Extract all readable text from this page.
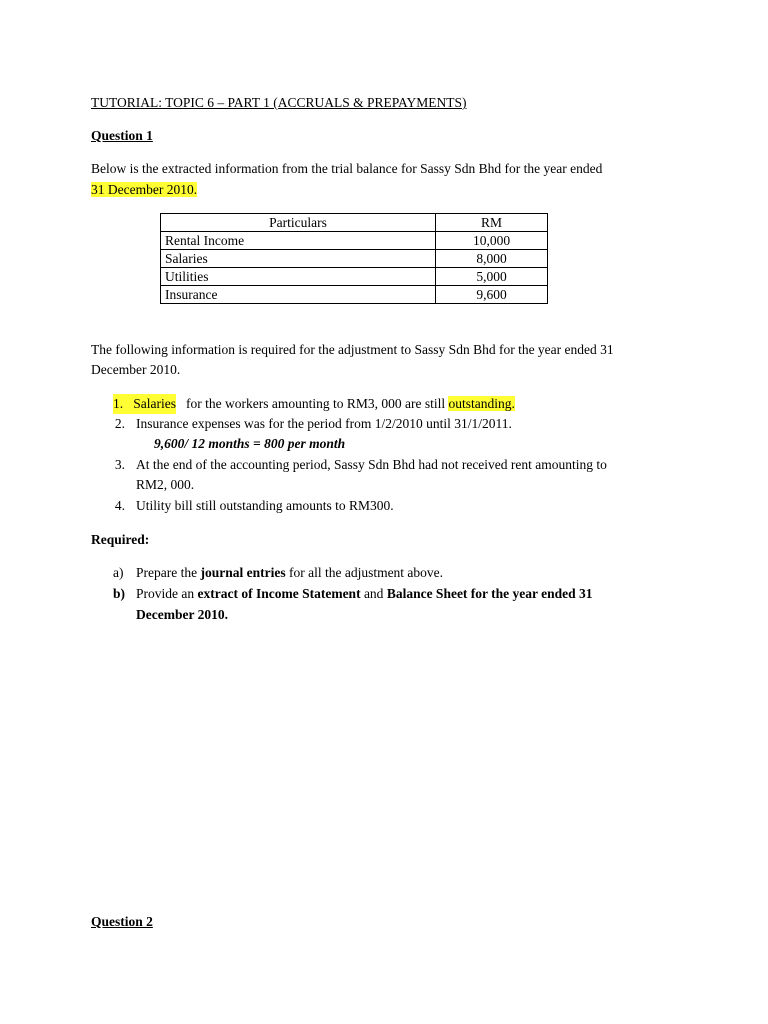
TUTORIAL: TOPIC 6 – PART 1 (ACCRUALS & PREPAYMENTS)
Question 1
Below is the extracted information from the trial balance for Sassy Sdn Bhd for the year ended
31 December 2010.
Particulars	RM
Rental Income	10,000
Salaries	8,000
Utilities	5,000
Insurance	9,600
The following information is required for the adjustment to Sassy Sdn Bhd for the year ended 31
December 2010.
1. Salaries for the workers amounting to RM3, 000 are still outstanding.
2. Insurance expenses was for the period from 1/2/2010 until 31/1/2011.
9,600/ 12 months = 800 per month
3. At the end of the accounting period, Sassy Sdn Bhd had not received rent amounting to
RM2, 000.
4. Utility bill still outstanding amounts to RM300.
Required:
a) Prepare the journal entries for all the adjustment above.
b) Provide an extract of Income Statement and Balance Sheet for the year ended 31
December 2010.
Question 2
